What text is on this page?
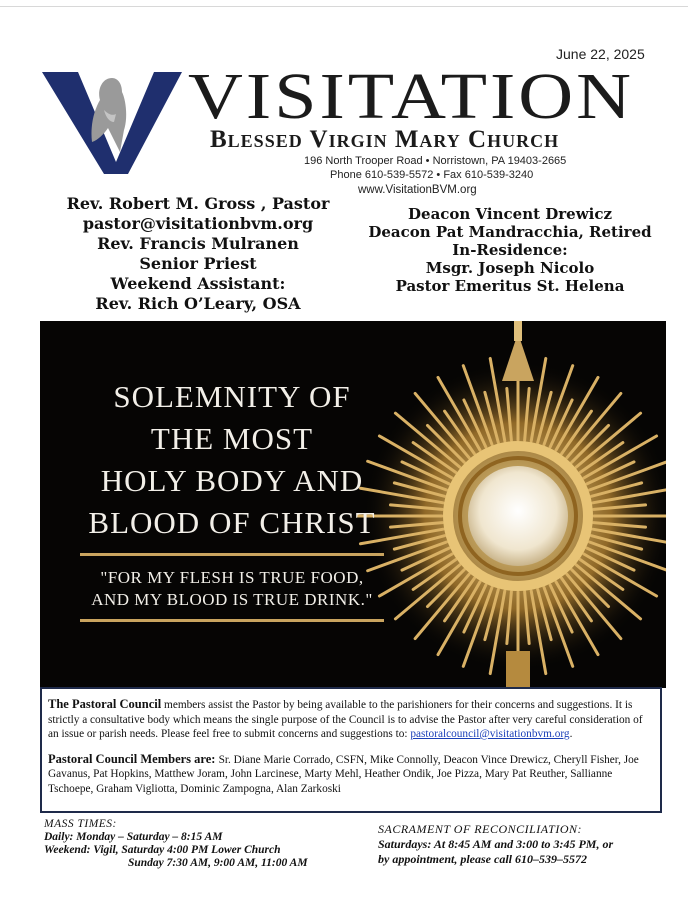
June 22, 2025
VISITATION
Blessed Virgin Mary Church
196 North Trooper Road • Norristown, PA 19403-2665
Phone 610-539-5572 • Fax 610-539-3240
www.VisitationBVM.org
Rev. Robert M. Gross , Pastor
pastor@visitationbvm.org
Rev. Francis Mulranen
Senior Priest
Weekend Assistant:
Rev. Rich O’Leary, OSA
Deacon Vincent Drewicz
Deacon Pat Mandracchia, Retired
In-Residence:
Msgr. Joseph Nicolo
Pastor Emeritus St. Helena
SOLEMNITY OF
THE MOST
HOLY BODY AND
BLOOD OF CHRIST
"FOR MY FLESH IS TRUE FOOD,
AND MY BLOOD IS TRUE DRINK."

The Pastoral Council members assist the Pastor by being available to the parishioners for their concerns and suggestions. It is strictly a consultative body which means the single purpose of the Council is to advise the Pastor after very careful consideration of an issue or parish needs. Please feel free to submit concerns and suggestions to: pastoralcouncil@visitationbvm.org.

Pastoral Council Members are: Sr. Diane Marie Corrado, CSFN, Mike Connolly, Deacon Vince Drewicz, Cheryll Fisher, Joe Gavanus, Pat Hopkins, Matthew Joram, John Larcinese, Marty Mehl, Heather Ondik, Joe Pizza, Mary Pat Reuther, Sallianne Tschoepe, Graham Vigliotta, Dominic Zampogna, Alan Zarkoski

MASS TIMES:
Daily: Monday – Saturday – 8:15 AM
Weekend: Vigil, Saturday 4:00 PM Lower Church
Sunday 7:30 AM, 9:00 AM, 11:00 AM
SACRAMENT OF RECONCILIATION:
Saturdays: At 8:45 AM and 3:00 to 3:45 PM, or
by appointment, please call 610–539–5572
